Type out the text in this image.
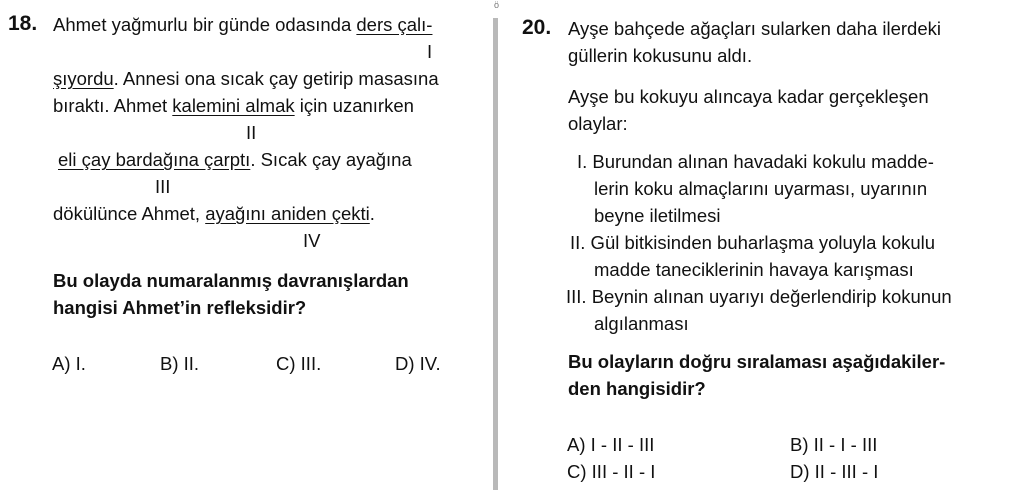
18. Ahmet yağmurlu bir günde odasında ders çalı-
I
şıyordu. Annesi ona sıcak çay getirip masasına
bıraktı. Ahmet kalemini almak için uzanırken
II
eli çay bardağına çarptı. Sıcak çay ayağına
III
dökülünce Ahmet, ayağını aniden çekti.
IV
Bu olayda numaralanmış davranışlardan
hangisi Ahmet’in refleksidir?
A) I.	B) II.	C) III.	D) IV.
ö
20. Ayşe bahçede ağaçları sularken daha ilerdeki
güllerin kokusunu aldı.
Ayşe bu kokuyu alıncaya kadar gerçekleşen
olaylar:
I. Burundan alınan havadaki kokulu madde-
lerin koku almaçlarını uyarması, uyarının
beyne iletilmesi
II. Gül bitkisinden buharlaşma yoluyla kokulu
madde taneciklerinin havaya karışması
III. Beynin alınan uyarıyı değerlendirip kokunun
algılanması
Bu olayların doğru sıralaması aşağıdakiler-
den hangisidir?
A) I - II - III	B) II - I - III
C) III - II - I	D) II - III - I
